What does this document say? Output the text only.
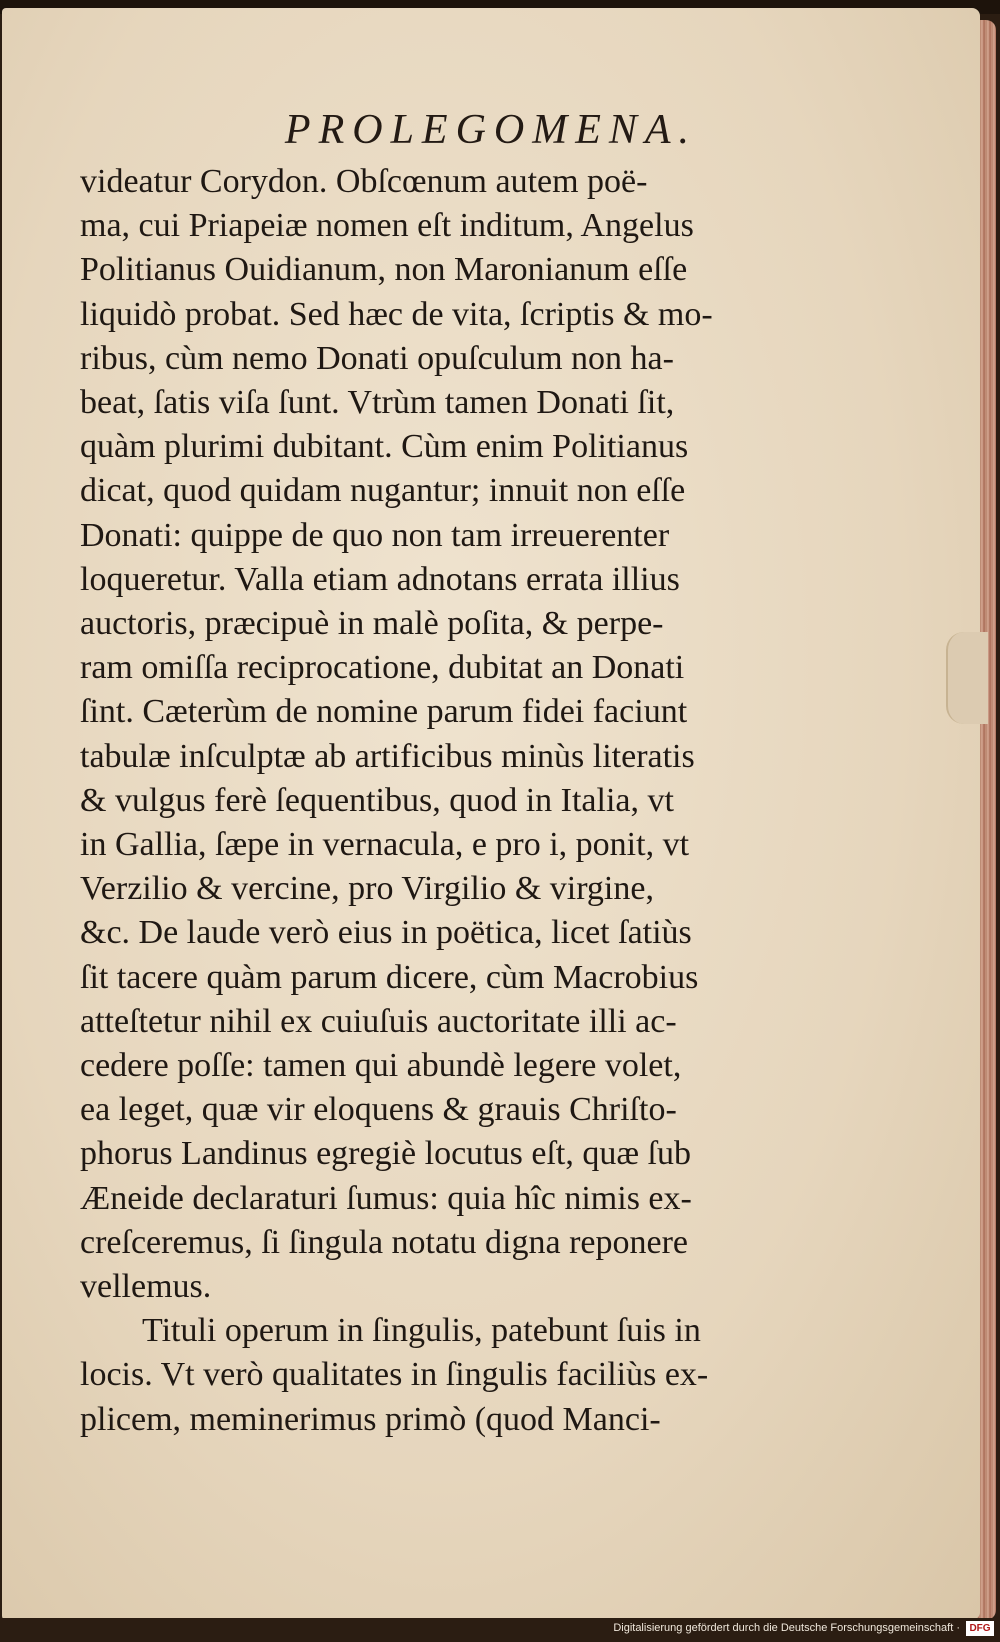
PROLEGOMENA.
videatur Corydon. Obſcœnum autem poë-
ma, cui Priapeiæ nomen eſt inditum, Angelus
Politianus Ouidianum, non Maronianum eſſe
liquidò probat. Sed hæc de vita, ſcriptis & mo-
ribus, cùm nemo Donati opuſculum non ha-
beat, ſatis viſa ſunt. Vtrùm tamen Donati ſit,
quàm plurimi dubitant. Cùm enim Politianus
dicat, quod quidam nugantur; innuit non eſſe
Donati: quippe de quo non tam irreuerenter
loqueretur. Valla etiam adnotans errata illius
auctoris, præcipuè in malè poſita, & perpe-
ram omiſſa reciprocatione, dubitat an Donati
ſint. Cæterùm de nomine parum fidei faciunt
tabulæ inſculptæ ab artificibus minùs literatis
& vulgus ferè ſequentibus, quod in Italia, vt
in Gallia, ſæpe in vernacula, e pro i, ponit, vt
Verzilio & vercine, pro Virgilio & virgine,
&c. De laude verò eius in poëtica, licet ſatiùs
ſit tacere quàm parum dicere, cùm Macrobius
atteſtetur nihil ex cuiuſuis auctoritate illi ac-
cedere poſſe: tamen qui abundè legere volet,
ea leget, quæ vir eloquens & grauis Chriſto-
phorus Landinus egregiè locutus eſt, quæ ſub
Æneide declaraturi ſumus: quia hîc nimis ex-
creſceremus, ſi ſingula notatu digna reponere
vellemus.
Tituli operum in ſingulis, patebunt ſuis in
locis. Vt verò qualitates in ſingulis faciliùs ex-
plicem, meminerimus primò (quod Manci-
Digitalisierung gefördert durch die Deutsche Forschungsgemeinschaft · DFG
